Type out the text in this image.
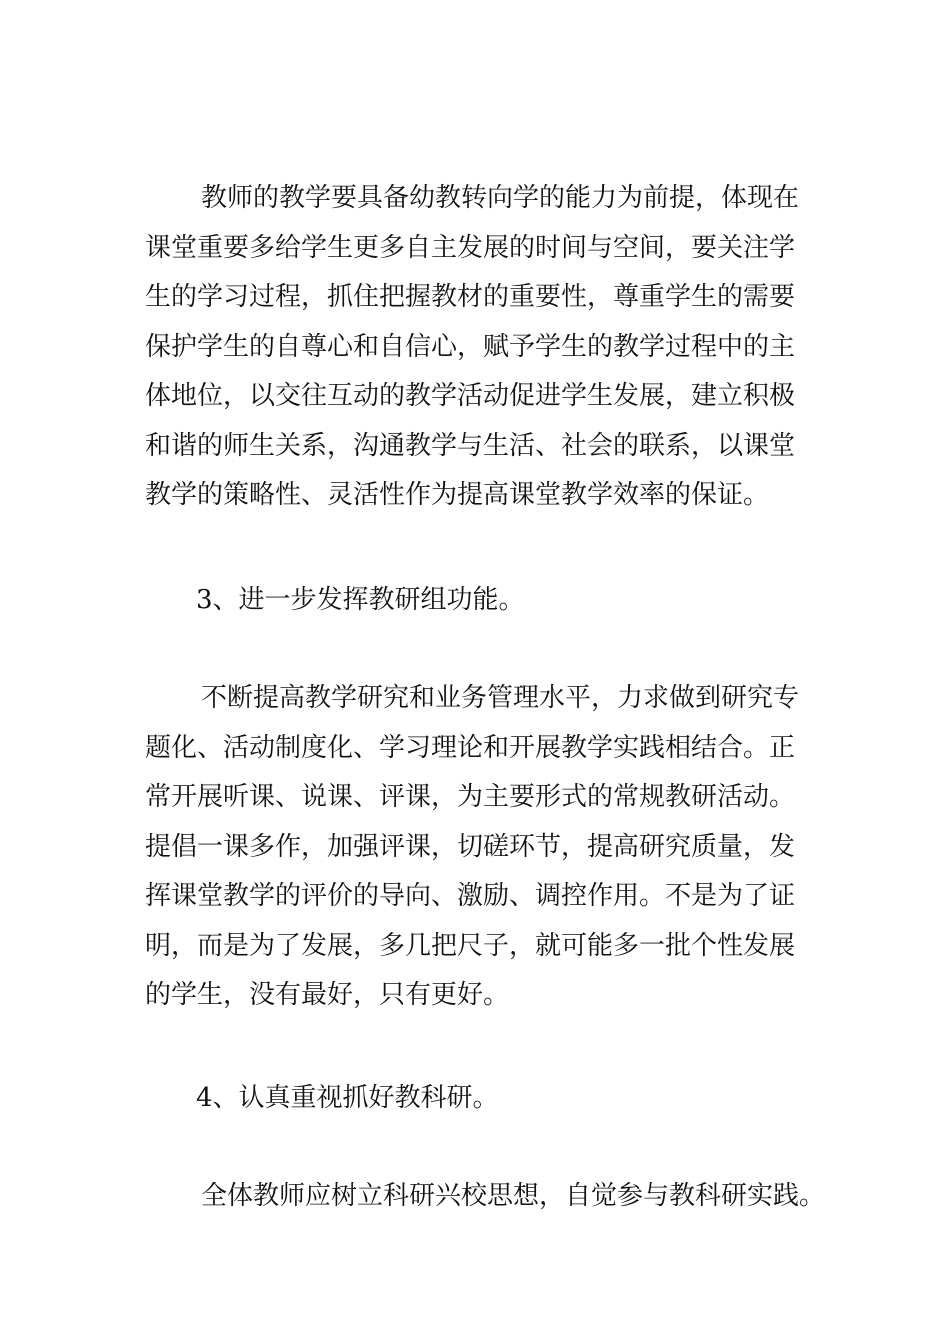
教师的教学要具备幼教转向学的能力为前提，体现在
课堂重要多给学生更多自主发展的时间与空间，要关注学
生的学习过程，抓住把握教材的重要性，尊重学生的需要
保护学生的自尊心和自信心，赋予学生的教学过程中的主
体地位，以交往互动的教学活动促进学生发展，建立积极
和谐的师生关系，沟通教学与生活、社会的联系，以课堂
教学的策略性、灵活性作为提高课堂教学效率的保证。
3、进一步发挥教研组功能。
不断提高教学研究和业务管理水平，力求做到研究专
题化、活动制度化、学习理论和开展教学实践相结合。正
常开展听课、说课、评课，为主要形式的常规教研活动。
提倡一课多作，加强评课，切磋环节，提高研究质量，发
挥课堂教学的评价的导向、激励、调控作用。不是为了证
明，而是为了发展，多几把尺子，就可能多一批个性发展
的学生，没有最好，只有更好。
4、认真重视抓好教科研。
全体教师应树立科研兴校思想，自觉参与教科研实践。
